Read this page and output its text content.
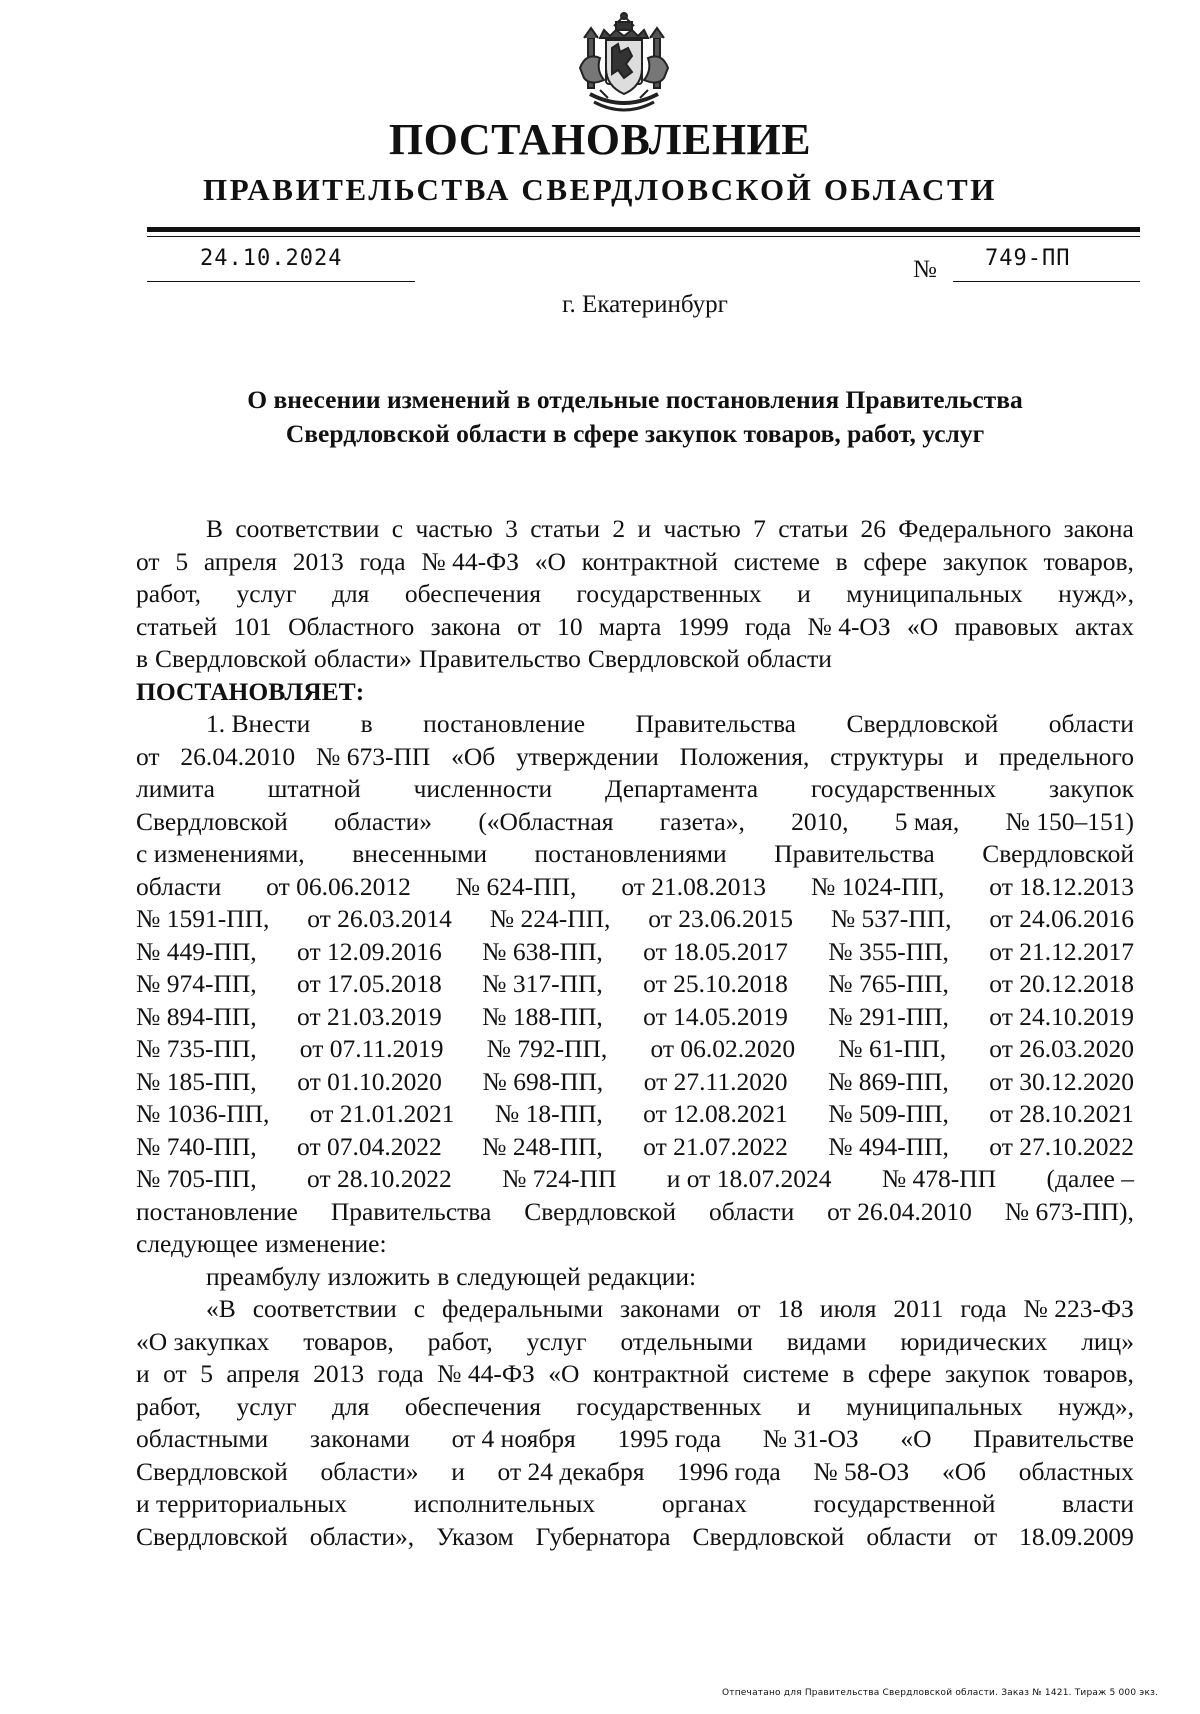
ПОСТАНОВЛЕНИЕ
ПРАВИТЕЛЬСТВА СВЕРДЛОВСКОЙ ОБЛАСТИ
24.10.2024	№ 749-ПП
г. Екатеринбург
О внесении изменений в отдельные постановления Правительства
Свердловской области в сфере закупок товаров, работ, услуг
В соответствии с частью 3 статьи 2 и частью 7 статьи 26 Федерального закона
от 5 апреля 2013 года № 44-ФЗ «О контрактной системе в сфере закупок товаров,
работ, услуг для обеспечения государственных и муниципальных нужд»,
статьей 101 Областного закона от 10 марта 1999 года № 4-ОЗ «О правовых актах
в Свердловской области» Правительство Свердловской области
ПОСТАНОВЛЯЕТ:
1. Внести в постановление Правительства Свердловской области
от 26.04.2010 № 673-ПП «Об утверждении Положения, структуры и предельного
лимита штатной численности Департамента государственных закупок
Свердловской области» («Областная газета», 2010, 5 мая, № 150–151)
с изменениями, внесенными постановлениями Правительства Свердловской
области от 06.06.2012 № 624-ПП, от 21.08.2013 № 1024-ПП, от 18.12.2013
№ 1591-ПП, от 26.03.2014 № 224-ПП, от 23.06.2015 № 537-ПП, от 24.06.2016
№ 449-ПП, от 12.09.2016 № 638-ПП, от 18.05.2017 № 355-ПП, от 21.12.2017
№ 974-ПП, от 17.05.2018 № 317-ПП, от 25.10.2018 № 765-ПП, от 20.12.2018
№ 894-ПП, от 21.03.2019 № 188-ПП, от 14.05.2019 № 291-ПП, от 24.10.2019
№ 735-ПП, от 07.11.2019 № 792-ПП, от 06.02.2020 № 61-ПП, от 26.03.2020
№ 185-ПП, от 01.10.2020 № 698-ПП, от 27.11.2020 № 869-ПП, от 30.12.2020
№ 1036-ПП, от 21.01.2021 № 18-ПП, от 12.08.2021 № 509-ПП, от 28.10.2021
№ 740-ПП, от 07.04.2022 № 248-ПП, от 21.07.2022 № 494-ПП, от 27.10.2022
№ 705-ПП, от 28.10.2022 № 724-ПП и от 18.07.2024 № 478-ПП (далее –
постановление Правительства Свердловской области от 26.04.2010 № 673-ПП),
следующее изменение:
преамбулу изложить в следующей редакции:
«В соответствии с федеральными законами от 18 июля 2011 года № 223-ФЗ
«О закупках товаров, работ, услуг отдельными видами юридических лиц»
и от 5 апреля 2013 года № 44-ФЗ «О контрактной системе в сфере закупок товаров,
работ, услуг для обеспечения государственных и муниципальных нужд»,
областными законами от 4 ноября 1995 года № 31-ОЗ «О Правительстве
Свердловской области» и от 24 декабря 1996 года № 58-ОЗ «Об областных
и территориальных	исполнительных	органах	государственной	власти
Свердловской области», Указом Губернатора Свердловской области от 18.09.2009
Отпечатано для Правительства Свердловской области. Заказ № 1421. Тираж 5 000 экз.
